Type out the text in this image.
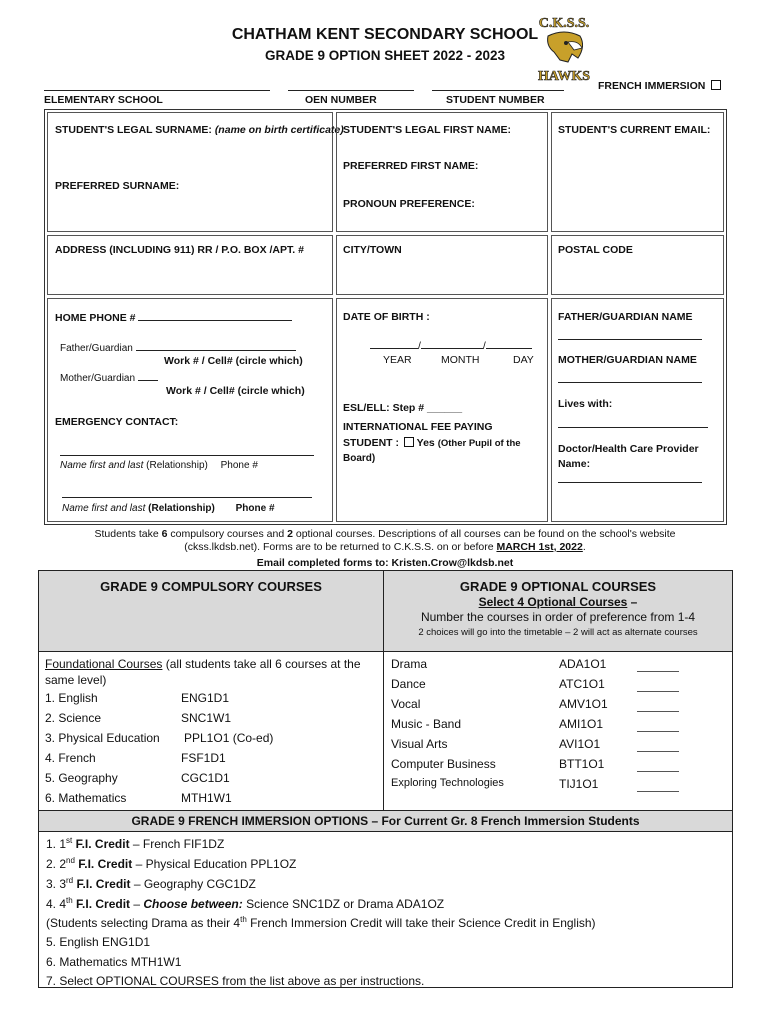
CHATHAM KENT SECONDARY SCHOOL
GRADE 9 OPTION SHEET 2022 - 2023
C.K.S.S.
HAWKS
FRENCH IMMERSION
ELEMENTARY SCHOOL	OEN NUMBER	STUDENT NUMBER
STUDENT'S LEGAL SURNAME: (name on birth certificate)
PREFERRED SURNAME:
STUDENT'S LEGAL FIRST NAME:
PREFERRED FIRST NAME:
PRONOUN PREFERENCE:
STUDENT'S CURRENT EMAIL:
ADDRESS (INCLUDING 911) RR / P.O. BOX /APT. #	CITY/TOWN	POSTAL CODE
HOME PHONE #
Father/Guardian
Work # / Cell# (circle which)
Mother/Guardian
Work # / Cell# (circle which)
EMERGENCY CONTACT:
Name first and last (Relationship) Phone #
Name first and last (Relationship) Phone #
DATE OF BIRTH :
/	/
YEAR	MONTH	DAY
ESL/ELL: Step # ______
INTERNATIONAL FEE PAYING
STUDENT : Yes (Other Pupil of the
Board)
FATHER/GUARDIAN NAME
MOTHER/GUARDIAN NAME
Lives with:
Doctor/Health Care Provider
Name:
Students take 6 compulsory courses and 2 optional courses. Descriptions of all courses can be found on the school's website
(ckss.lkdsb.net). Forms are to be returned to C.K.S.S. on or before MARCH 1st, 2022.
Email completed forms to: Kristen.Crow@lkdsb.net
GRADE 9 COMPULSORY COURSES	GRADE 9 OPTIONAL COURSES
Select 4 Optional Courses –
Number the courses in order of preference from 1-4
2 choices will go into the timetable – 2 will act as alternate courses
Foundational Courses (all students take all 6 courses at the
same level)
1. English	ENG1D1
2. Science	SNC1W1
3. Physical Education PPL1O1 (Co-ed)
4. French	FSF1D1
5. Geography	CGC1D1
6. Mathematics	MTH1W1
Drama	ADA1O1
Dance	ATC1O1
Vocal	AMV1O1
Music - Band	AMI1O1
Visual Arts	AVI1O1
Computer Business	BTT1O1
Exploring Technologies	TIJ1O1
GRADE 9 FRENCH IMMERSION OPTIONS – For Current Gr. 8 French Immersion Students
1. 1st F.I. Credit – French FIF1DZ
2. 2nd F.I. Credit – Physical Education PPL1OZ
3. 3rd F.I. Credit – Geography CGC1DZ
4. 4th F.I. Credit – Choose between: Science SNC1DZ or Drama ADA1OZ
(Students selecting Drama as their 4th French Immersion Credit will take their Science Credit in English)
5. English ENG1D1
6. Mathematics MTH1W1
7. Select OPTIONAL COURSES from the list above as per instructions.
